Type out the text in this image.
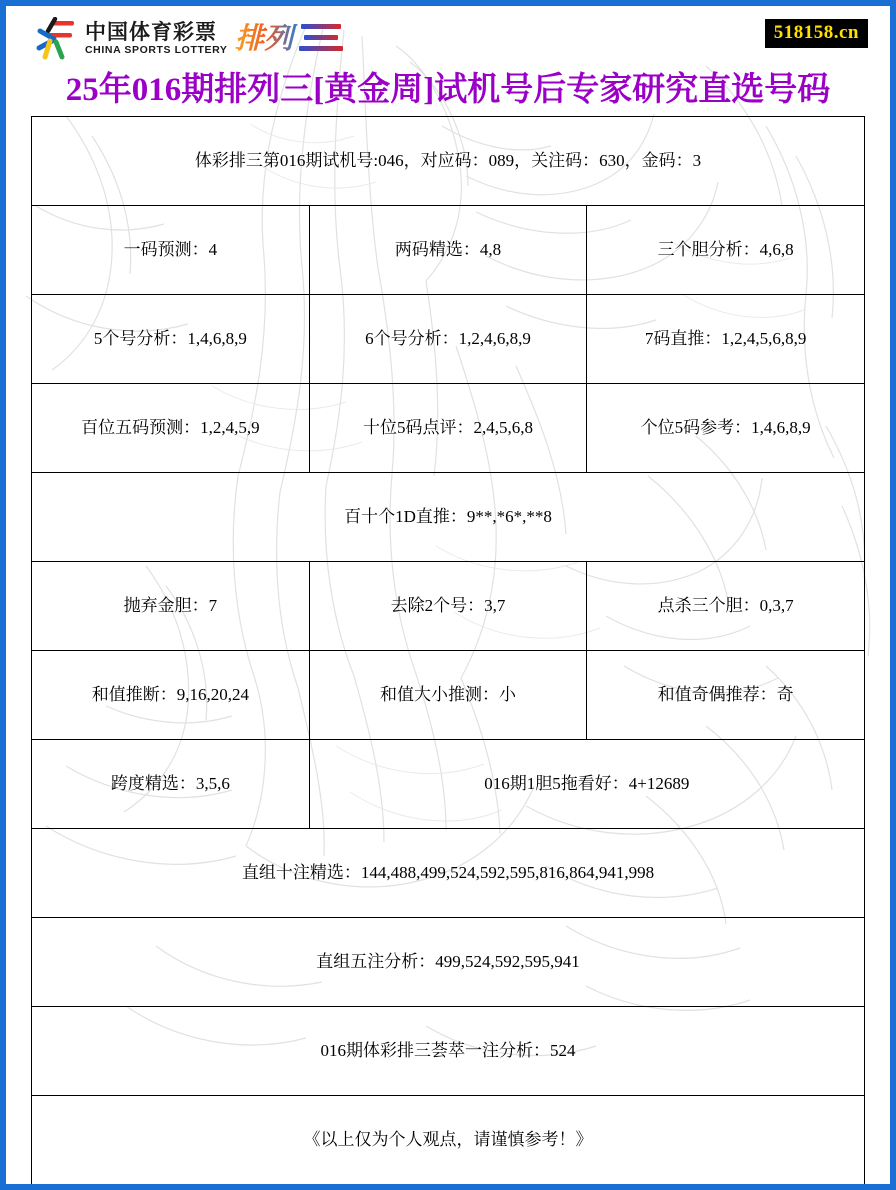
中国体育彩票
CHINA SPORTS LOTTERY 排列	518158.cn
25年016期排列三[黄金周]试机号后专家研究直选号码
体彩排三第016期试机号:046，对应码：089，关注码：630，金码：3		
一码预测：4	两码精选：4,8	三个胆分析：4,6,8
5个号分析：1,4,6,8,9	6个号分析：1,2,4,6,8,9	7码直推：1,2,4,5,6,8,9
百位五码预测：1,2,4,5,9	十位5码点评：2,4,5,6,8	个位5码参考：1,4,6,8,9
百十个1D直推：9**,*6*,**8		
抛弃金胆：7	去除2个号：3,7	点杀三个胆：0,3,7
和值推断：9,16,20,24	和值大小推测：小	和值奇偶推荐：奇
跨度精选：3,5,6	016期1胆5拖看好：4+12689	
直组十注精选：144,488,499,524,592,595,816,864,941,998		
直组五注分析：499,524,592,595,941		
016期体彩排三荟萃一注分析：524		
《以上仅为个人观点，请谨慎参考！》		
